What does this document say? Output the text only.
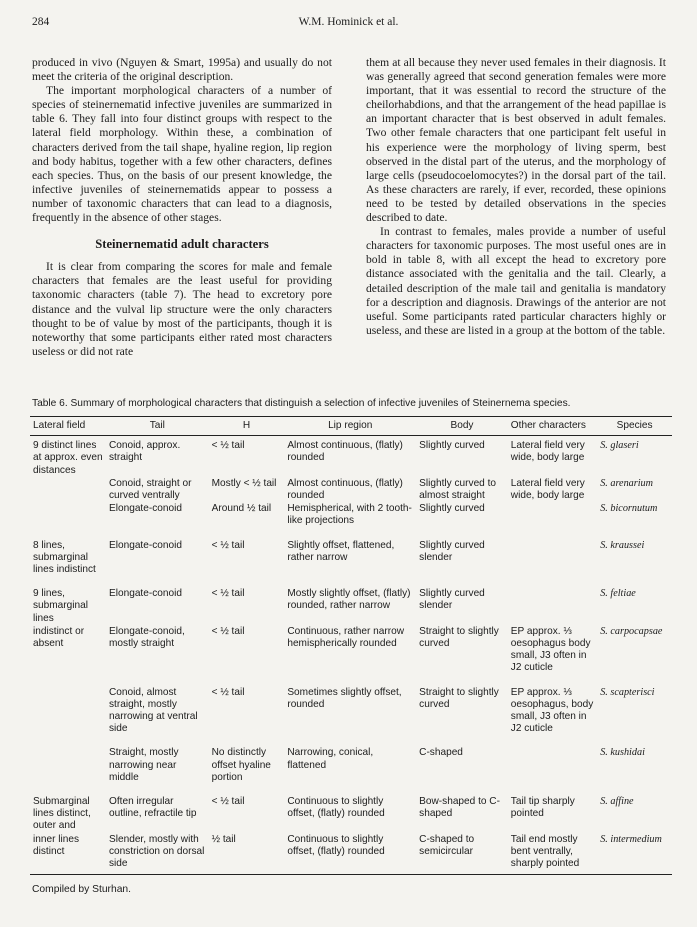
284	W.M. Hominick et al.

produced in vivo (Nguyen & Smart, 1995a) and usually do not meet the criteria of the original description.

The important morphological characters of a number of species of steinernematid infective juveniles are summarized in table 6. They fall into four distinct groups with respect to the lateral field morphology. Within these, a combination of characters derived from the tail shape, hyaline region, lip region and body habitus, together with a few other characters, defines each species. Thus, on the basis of our present knowledge, the infective juveniles of steinernematids appear to possess a number of taxonomic characters that can lead to a diagnosis, frequently in the absence of other stages.

Steinernematid adult characters

It is clear from comparing the scores for male and female characters that females are the least useful for providing taxonomic characters (table 7). The head to excretory pore distance and the vulval lip structure were the only characters thought to be of value by most of the participants, though it is noteworthy that some participants either rated most characters useless or did not rate

them at all because they never used females in their diagnosis. It was generally agreed that second generation females were more important, that it was essential to record the structure of the cheilorhabdions, and that the arrangement of the head papillae is an important character that is best observed in adult females. Two other female characters that one participant felt useful in his experience were the morphology of living sperm, best observed in the distal part of the uterus, and the morphology of large cells (pseudocoelomocytes?) in the dorsal part of the tail. As these characters are rarely, if ever, recorded, these opinions need to be tested by detailed observations in the species described to date.

In contrast to females, males provide a number of useful characters for taxonomic purposes. The most useful ones are in bold in table 8, with all except the head to excretory pore distance associated with the genitalia and the tail. Clearly, a detailed description of the male tail and genitalia is mandatory for a description and diagnosis. Drawings of the anterior are not useful. Some participants rated particular characters highly or useless, and these are listed in a group at the bottom of the table.

Table 6. Summary of morphological characters that distinguish a selection of infective juveniles of Steinernema species.
Lateral field	Tail	H	Lip region	Body	Other characters	Species
9 distinct lines at approx. even distances	Conoid, approx. straight	< ½ tail	Almost continuous, (flatly) rounded	Slightly curved	Lateral field very wide, body large	S. glaseri
	Conoid, straight or curved ventrally	Mostly < ½ tail	Almost continuous, (flatly) rounded	Slightly curved to almost straight	Lateral field very wide, body large	S. arenarium
	Elongate-conoid	Around ½ tail	Hemispherical, with 2 tooth-like projections	Slightly curved		S. bicornutum
8 lines, submarginal lines indistinct	Elongate-conoid	< ½ tail	Slightly offset, flattened, rather narrow	Slightly curved slender		S. kraussei
9 lines, submarginal lines	Elongate-conoid	< ½ tail	Mostly slightly offset, (flatly) rounded, rather narrow	Slightly curved slender		S. feltiae
indistinct or absent	Elongate-conoid, mostly straight	< ½ tail	Continuous, rather narrow hemispherically rounded	Straight to slightly curved	EP approx. ⅓ oesophagus body small, J3 often in J2 cuticle	S. carpocapsae
	Conoid, almost straight, mostly narrowing at ventral side	< ½ tail	Sometimes slightly offset, rounded	Straight to slightly curved	EP approx. ⅓ oesophagus, body small, J3 often in J2 cuticle	S. scapterisci
	Straight, mostly narrowing near middle	No distinctly offset hyaline portion	Narrowing, conical, flattened	C-shaped		S. kushidai
Submarginal lines distinct, outer and	Often irregular outline, refractile tip	< ½ tail	Continuous to slightly offset, (flatly) rounded	Bow-shaped to C-shaped	Tail tip sharply pointed	S. affine
inner lines distinct	Slender, mostly with constriction on dorsal side	½ tail	Continuous to slightly offset, (flatly) rounded	C-shaped to semicircular	Tail end mostly bent ventrally, sharply pointed	S. intermedium
Compiled by Sturhan.
